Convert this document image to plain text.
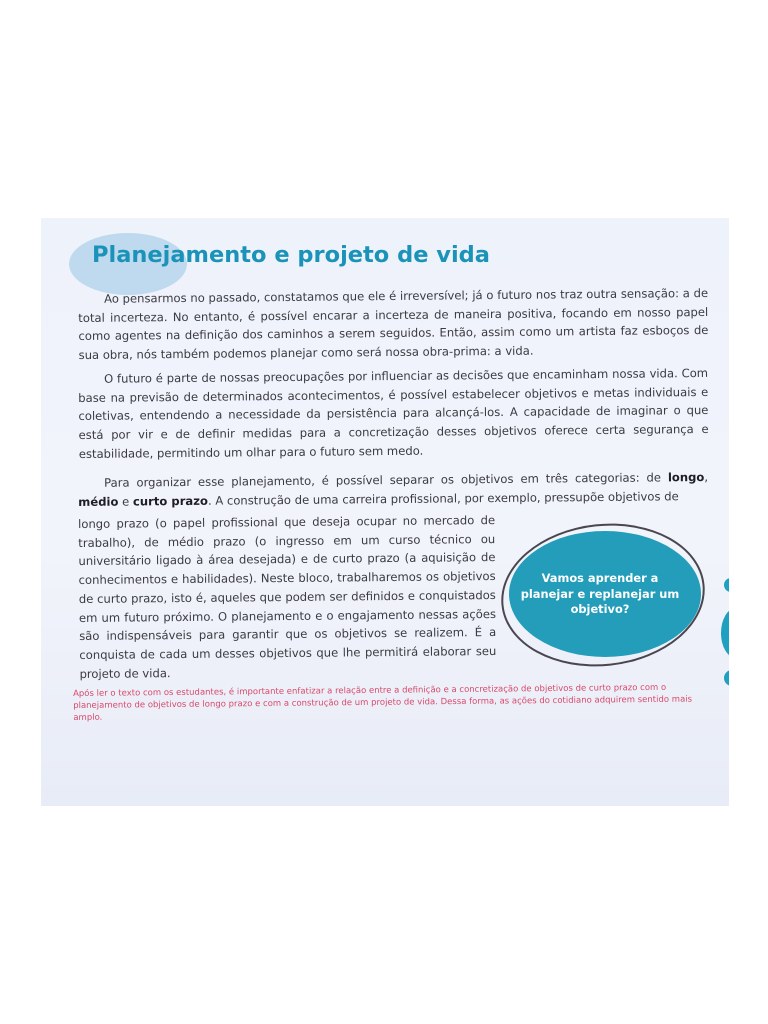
Planejamento e projeto de vida

Ao pensarmos no passado, constatamos que ele é irreversível; já o futuro nos traz outra sensação: a de total incerteza. No entanto, é possível encarar a incerteza de maneira positiva, focando em nosso papel como agentes na definição dos caminhos a serem seguidos. Então, assim como um artista faz esboços de sua obra, nós também podemos planejar como será nossa obra-prima: a vida.

O futuro é parte de nossas preocupações por influenciar as decisões que encaminham nossa vida. Com base na previsão de determinados acontecimentos, é possível estabelecer objetivos e metas individuais e coletivas, entendendo a necessidade da persistência para alcançá-los. A capacidade de imaginar o que está por vir e de definir medidas para a concretização desses objetivos oferece certa segurança e estabilidade, permitindo um olhar para o futuro sem medo.

Para organizar esse planejamento, é possível separar os objetivos em três categorias: de longo, médio e curto prazo. A construção de uma carreira profissional, por exemplo, pressupõe objetivos de

longo prazo (o papel profissional que deseja ocupar no mercado de trabalho), de médio prazo (o ingresso em um curso técnico ou universitário ligado à área desejada) e de curto prazo (a aquisição de conhecimentos e habilidades). Neste bloco, trabalharemos os objetivos de curto prazo, isto é, aqueles que podem ser definidos e conquistados em um futuro próximo. O planejamento e o engajamento nessas ações são indispensáveis para garantir que os objetivos se realizem. É a conquista de cada um desses objetivos que lhe permitirá elaborar seu projeto de vida.

Vamos aprender a planejar e replanejar um objetivo?

Após ler o texto com os estudantes, é importante enfatizar a relação entre a definição e a concretização de objetivos de curto prazo com o planejamento de objetivos de longo prazo e com a construção de um projeto de vida. Dessa forma, as ações do cotidiano adquirem sentido mais amplo.
